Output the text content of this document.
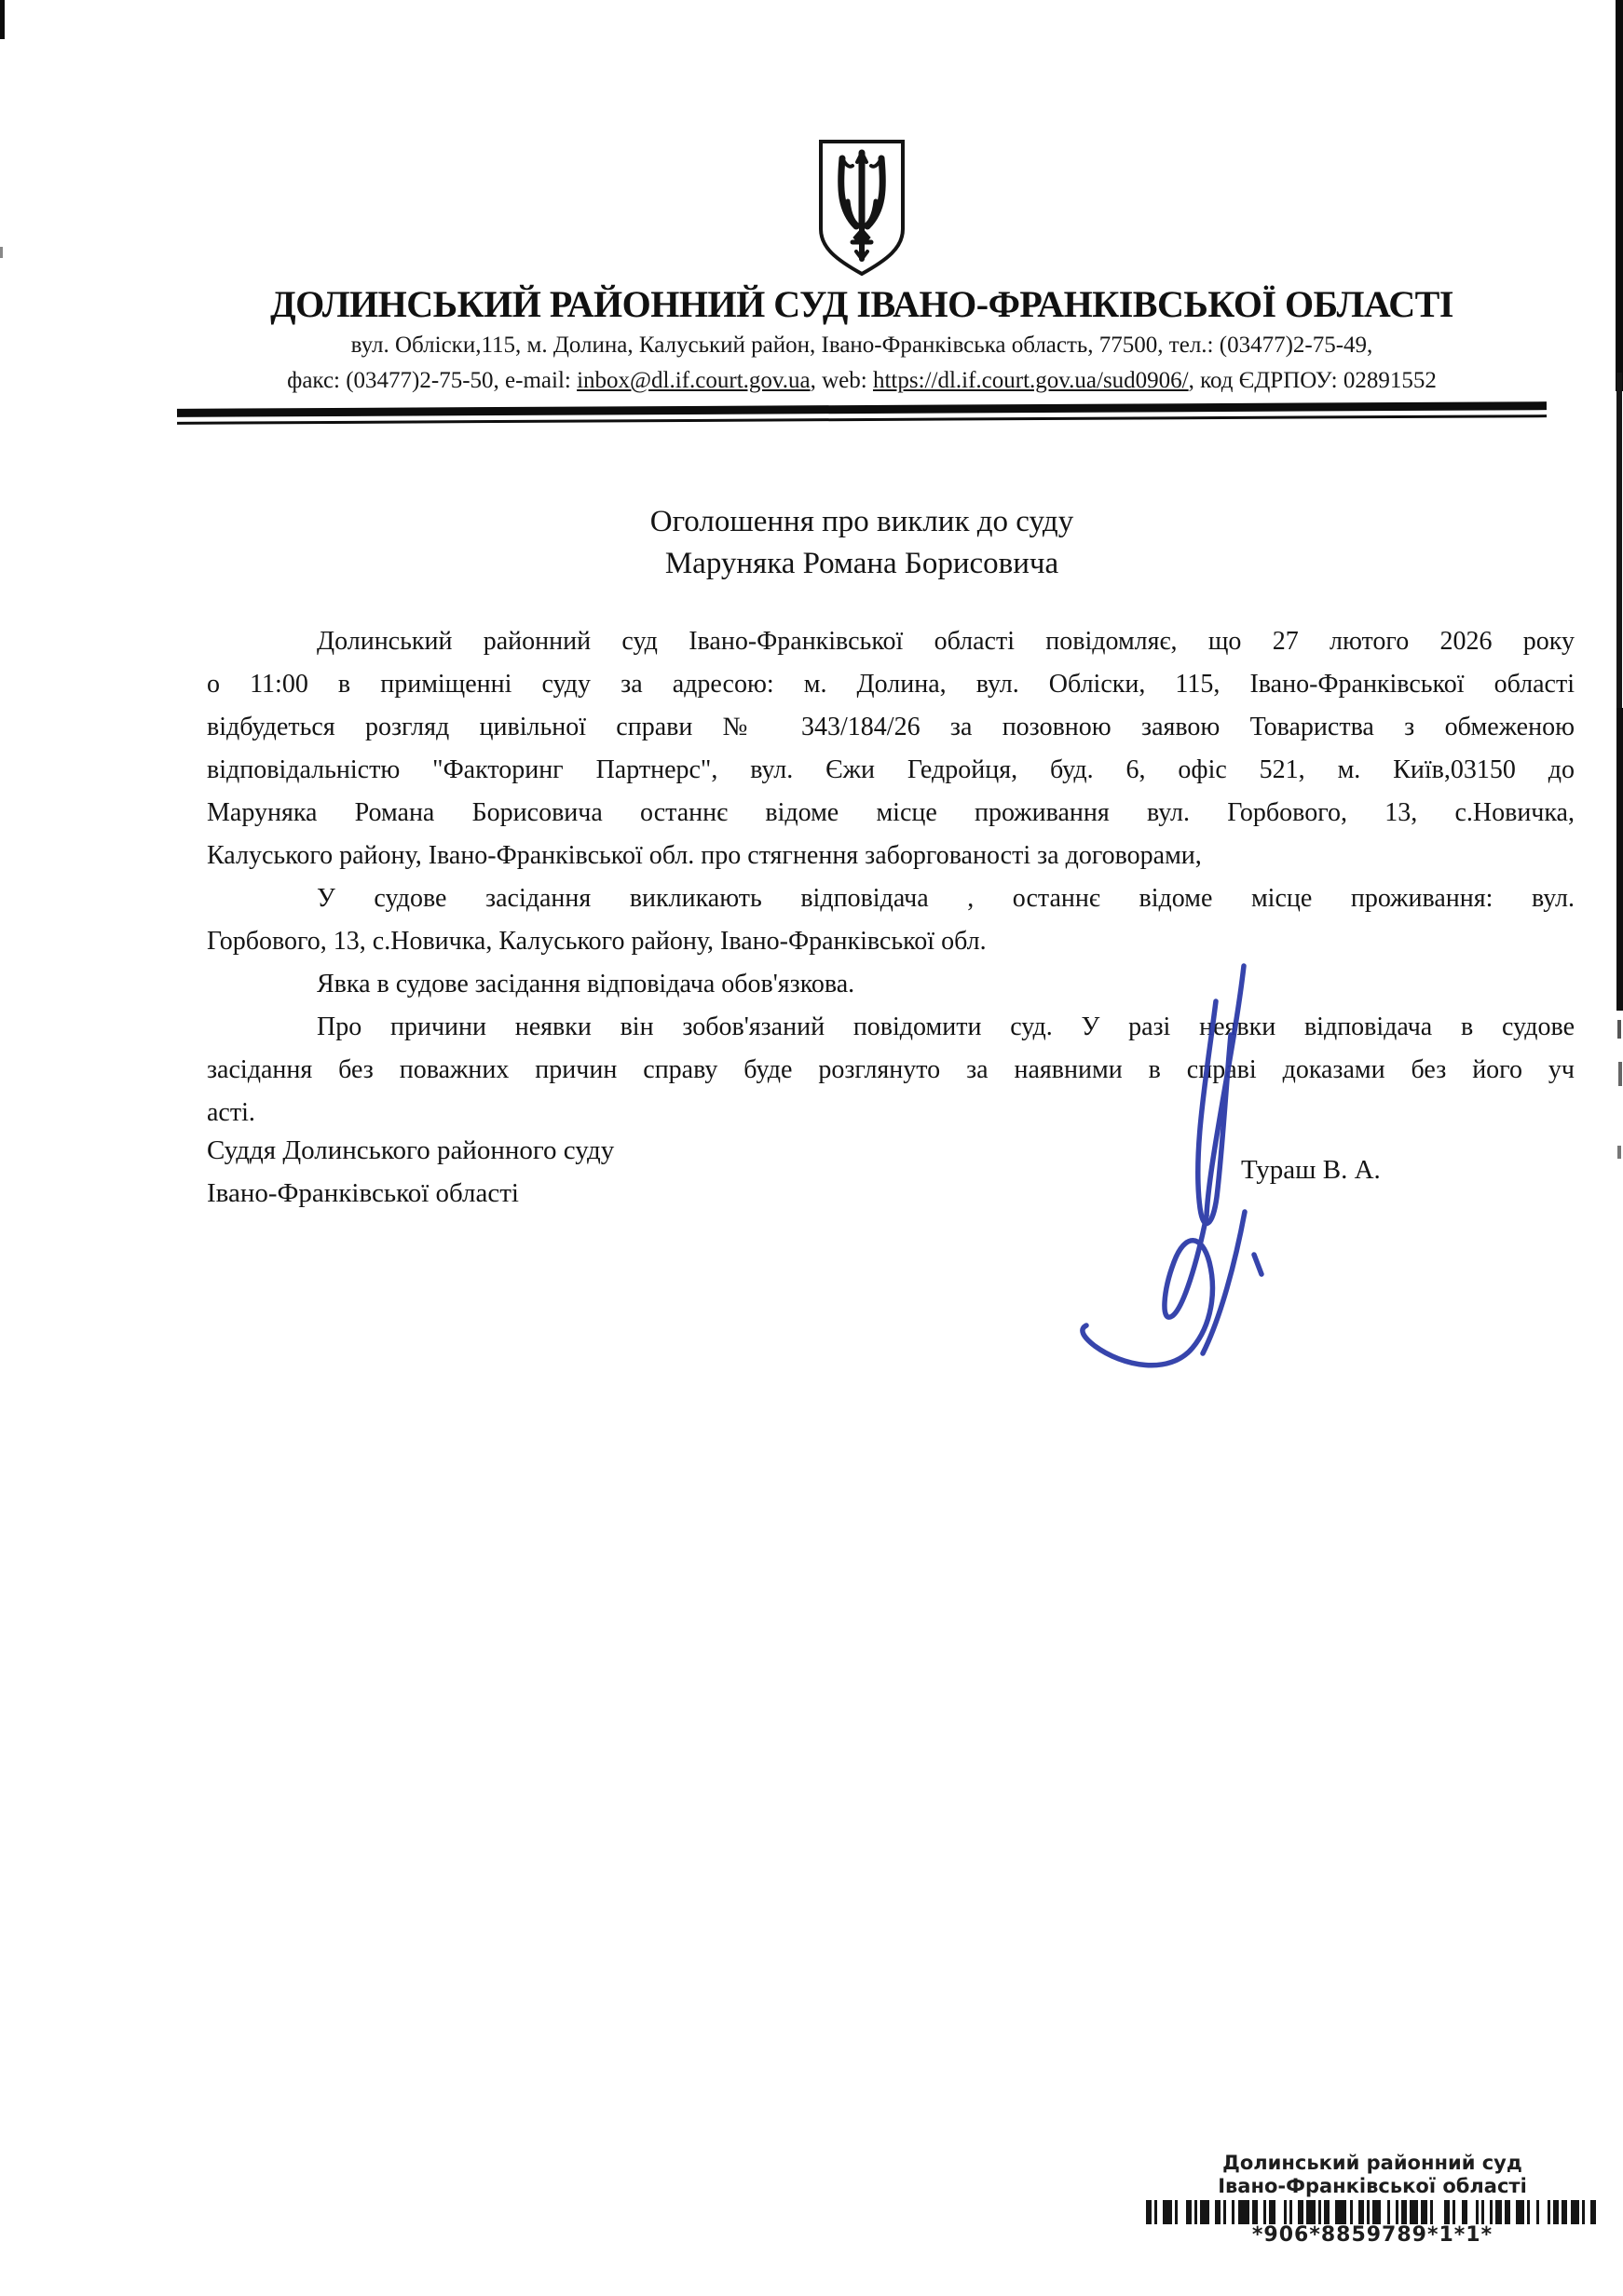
ДОЛИНСЬКИЙ РАЙОННИЙ СУД ІВАНО-ФРАНКІВСЬКОЇ ОБЛАСТІ
вул. Обліски,115, м. Долина, Калуський район, Івано-Франківська область, 77500, тел.: (03477)2-75-49,
факс: (03477)2-75-50, e-mail: inbox@dl.if.court.gov.ua, web: https://dl.if.court.gov.ua/sud0906/, код ЄДРПОУ: 02891552
Оголошення про виклик до суду
Маруняка Романа Борисовича
Долинський районний суд Івано-Франківської області повідомляє, що 27 лютого 2026 року
о 11:00 в приміщенні суду за адресою: м. Долина, вул. Обліски, 115, Івано-Франківської області
відбудеться розгляд цивільної справи № 343/184/26 за позовною заявою Товариства з обмеженою
відповідальністю "Факторинг Партнерс", вул. Єжи Гедройця, буд. 6, офіс 521, м. Київ,03150 до
Маруняка Романа Борисовича останнє відоме місце проживання вул. Горбового, 13, с.Новичка,
Калуського району, Івано-Франківської обл. про стягнення заборгованості за договорами,
У судове засідання викликають відповідача , останнє відоме місце проживання: вул.
Горбового, 13, с.Новичка, Калуського району, Івано-Франківської обл.
Явка в судове засідання відповідача обов'язкова.
Про причини неявки він зобов'язаний повідомити суд. У разі неявки відповідача в судове
засідання без поважних причин справу буде розглянуто за наявними в справі доказами без його уч
асті.
Суддя Долинського районного суду
Івано-Франківської області
Тураш В. А.
Долинський районний суд
Івано-Франківської області
*906*8859789*1*1*
